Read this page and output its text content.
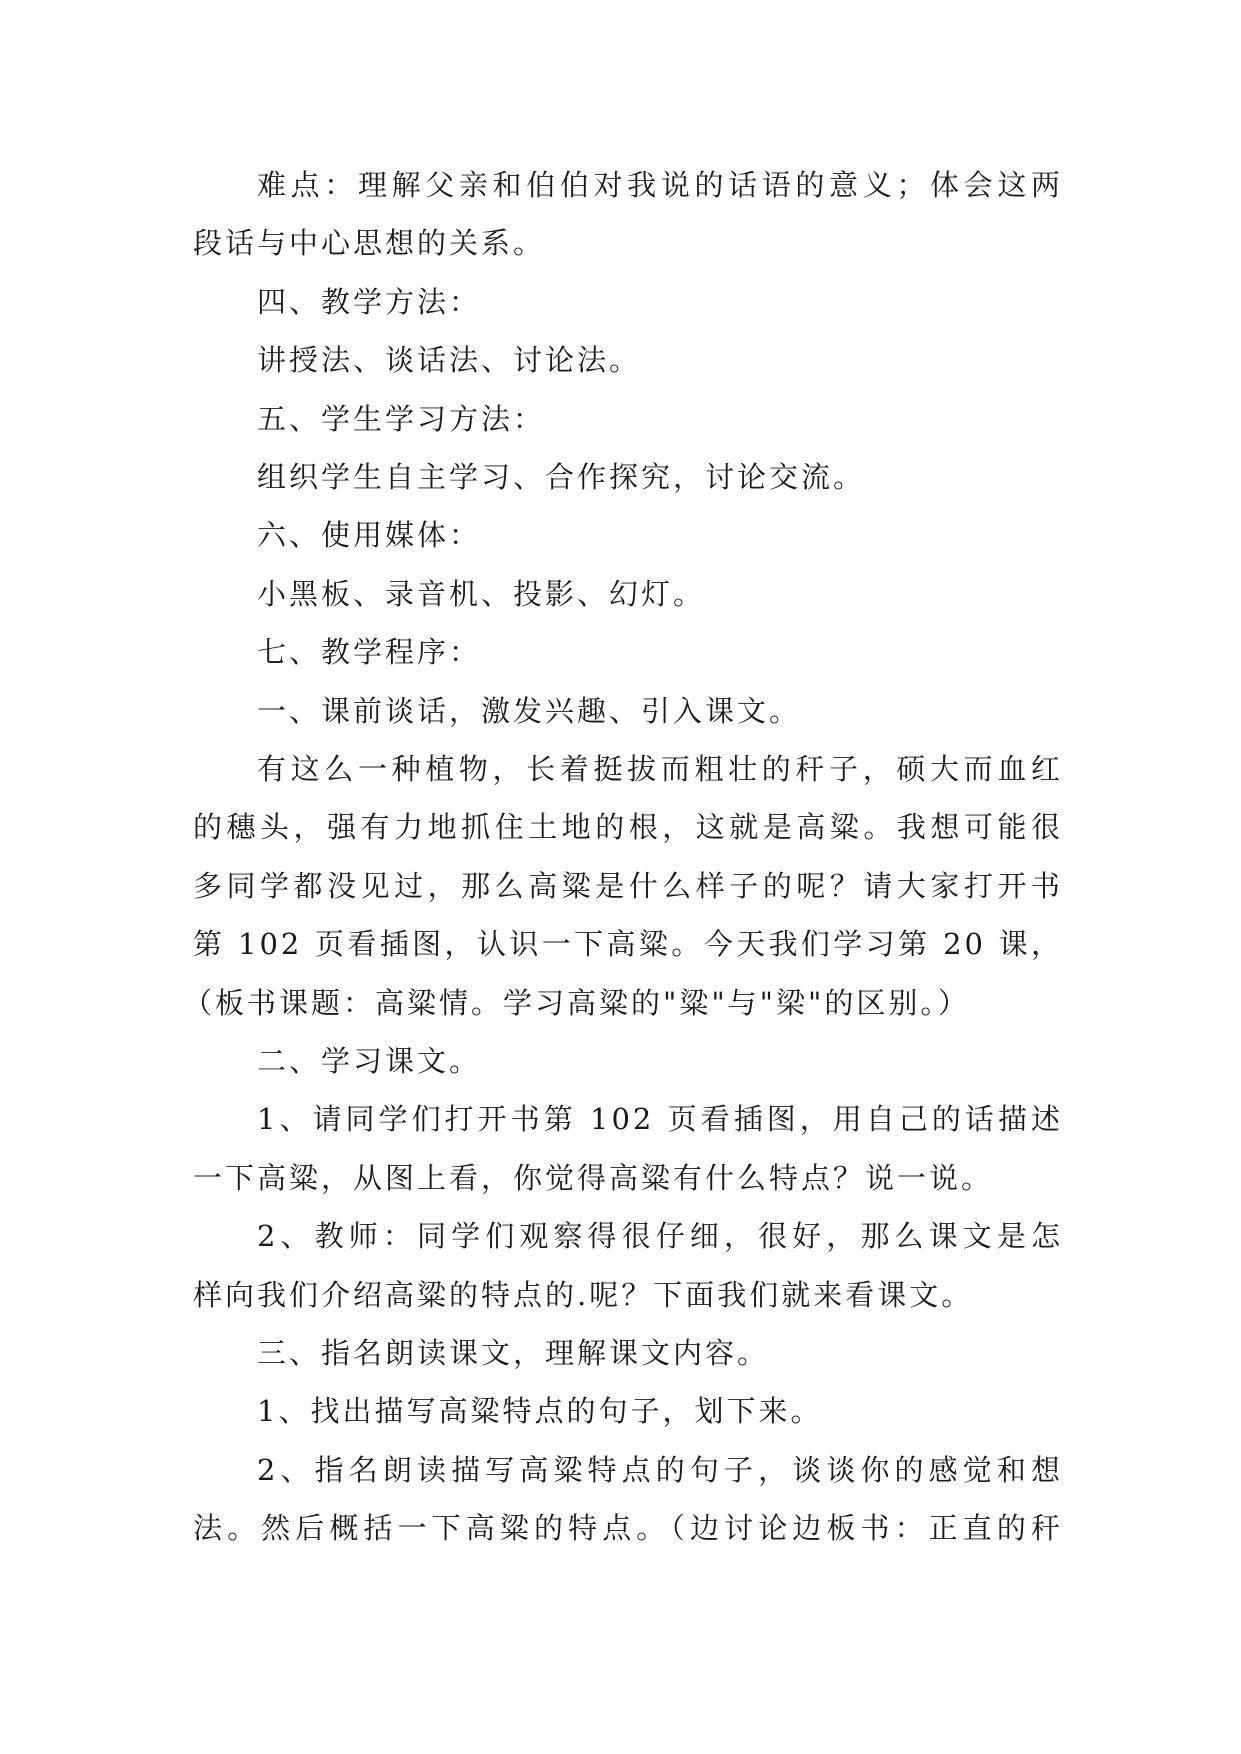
难点：理解父亲和伯伯对我说的话语的意义；体会这两
段话与中心思想的关系。
四、教学方法：
讲授法、谈话法、讨论法。
五、学生学习方法：
组织学生自主学习、合作探究，讨论交流。
六、使用媒体：
小黑板、录音机、投影、幻灯。
七、教学程序：
一、课前谈话，激发兴趣、引入课文。
有这么一种植物，长着挺拔而粗壮的秆子，硕大而血红
的穗头，强有力地抓住土地的根，这就是高粱。我想可能很
多同学都没见过，那么高粱是什么样子的呢？请大家打开书
第 102 页看插图，认识一下高粱。今天我们学习第 20 课，
（板书课题：高粱情。学习高粱的"粱"与"梁"的区别。）
二、学习课文。
1、请同学们打开书第 102 页看插图，用自己的话描述
一下高粱，从图上看，你觉得高粱有什么特点？说一说。
2、教师：同学们观察得很仔细，很好，那么课文是怎
样向我们介绍高粱的特点的.呢？下面我们就来看课文。
三、指名朗读课文，理解课文内容。
1、找出描写高粱特点的句子，划下来。
2、指名朗读描写高粱特点的句子，谈谈你的感觉和想
法。然后概括一下高粱的特点。（边讨论边板书：正直的秆
